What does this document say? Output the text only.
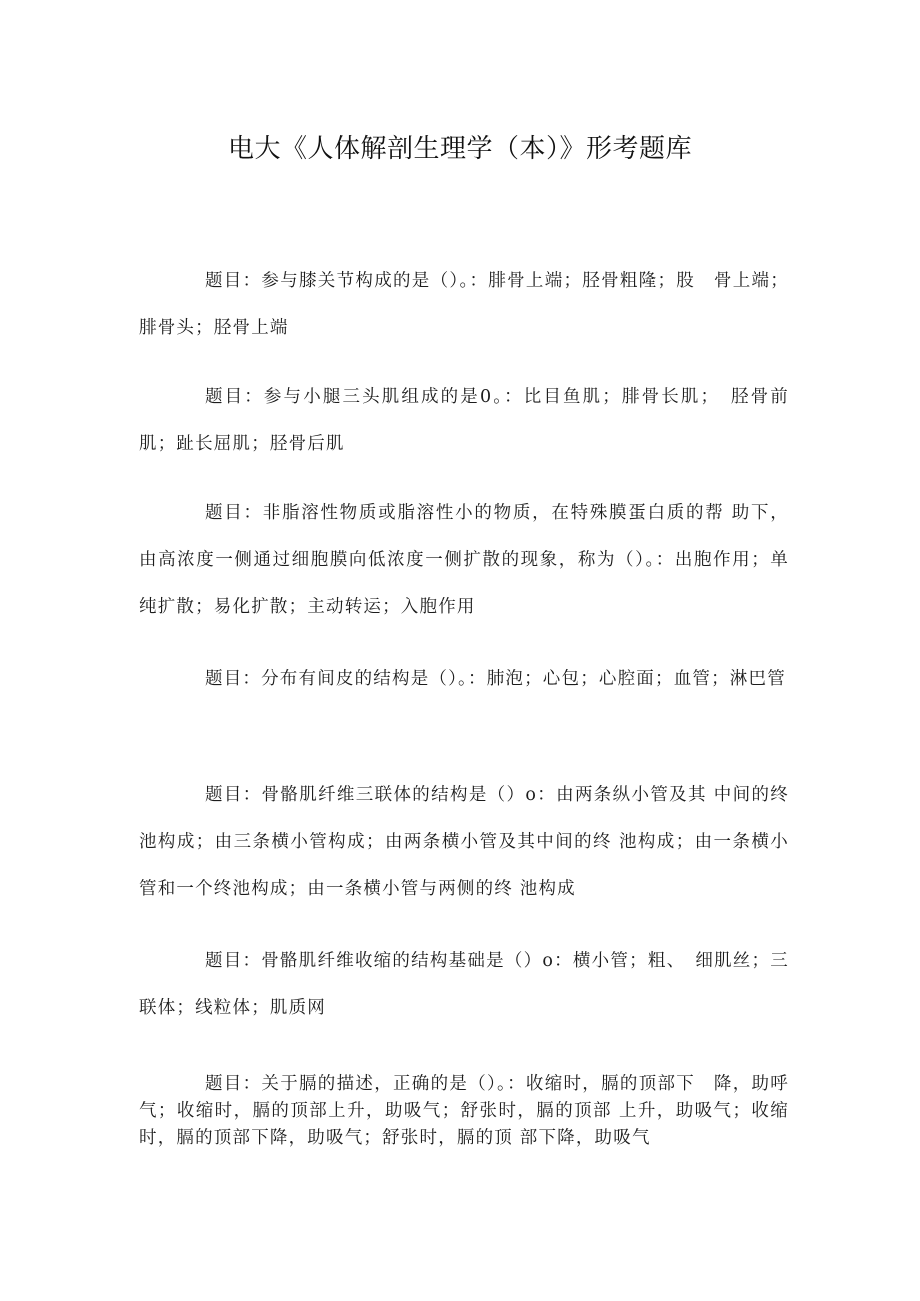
电大《人体解剖生理学（本）》形考题库

题目：参与膝关节构成的是（）。：腓骨上端；胫骨粗隆；股　骨上端；腓骨头；胫骨上端

题目：参与小腿三头肌组成的是0。：比目鱼肌；腓骨长肌；　胫骨前肌；趾长屈肌；胫骨后肌

题目：非脂溶性物质或脂溶性小的物质，在特殊膜蛋白质的帮 助下，由高浓度一侧通过细胞膜向低浓度一侧扩散的现象，称为（）。：出胞作用；单纯扩散；易化扩散；主动转运；入胞作用

题目：分布有间皮的结构是（）。：肺泡；心包；心腔面；血管；淋巴管

题目：骨骼肌纤维三联体的结构是（）o：由两条纵小管及其 中间的终池构成；由三条横小管构成；由两条横小管及其中间的终 池构成；由一条横小管和一个终池构成；由一条横小管与两侧的终 池构成

题目：骨骼肌纤维收缩的结构基础是（）o：横小管；粗、　细肌丝；三联体；线粒体；肌质网

题目：关于膈的描述，正确的是（）。：收缩时，膈的顶部下　降，助呼气；收缩时，膈的顶部上升，助吸气；舒张时，膈的顶部 上升，助吸气；收缩时，膈的顶部下降，助吸气；舒张时，膈的顶 部下降，助吸气
